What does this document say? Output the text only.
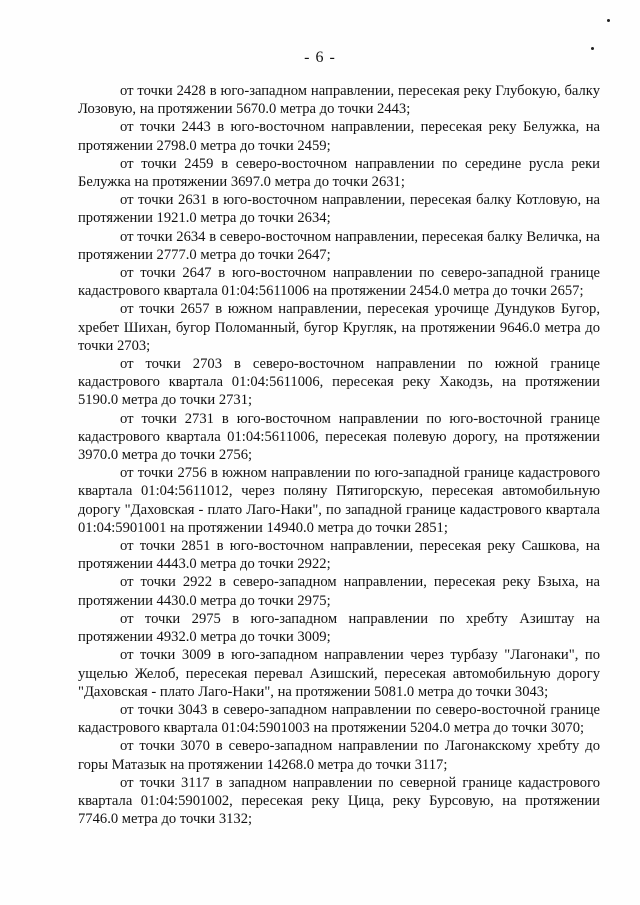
- 6 -

от точки 2428 в юго-западном направлении, пересекая реку Глубокую, балку Лозовую, на протяжении 5670.0 метра до точки 2443;

от точки 2443 в юго-восточном направлении, пересекая реку Белужка, на протяжении 2798.0 метра до точки 2459;

от точки 2459 в северо-восточном направлении по середине русла реки Белужка на протяжении 3697.0 метра до точки 2631;

от точки 2631 в юго-восточном направлении, пересекая балку Котловую, на протяжении 1921.0 метра до точки 2634;

от точки 2634 в северо-восточном направлении, пересекая балку Величка, на протяжении 2777.0 метра до точки 2647;

от точки 2647 в юго-восточном направлении по северо-западной границе кадастрового квартала 01:04:5611006 на протяжении 2454.0 метра до точки 2657;

от точки 2657 в южном направлении, пересекая урочище Дундуков Бугор, хребет Шихан, бугор Поломанный, бугор Кругляк, на протяжении 9646.0 метра до точки 2703;

от точки 2703 в северо-восточном направлении по южной границе кадастрового квартала 01:04:5611006, пересекая реку Хакодзь, на протяжении 5190.0 метра до точки 2731;

от точки 2731 в юго-восточном направлении по юго-восточной границе кадастрового квартала 01:04:5611006, пересекая полевую дорогу, на протяжении 3970.0 метра до точки 2756;

от точки 2756 в южном направлении по юго-западной границе кадастрового квартала 01:04:5611012, через поляну Пятигорскую, пересекая автомобильную дорогу "Даховская - плато Лаго-Наки", по западной границе кадастрового квартала 01:04:5901001 на протяжении 14940.0 метра до точки 2851;

от точки 2851 в юго-восточном направлении, пересекая реку Сашкова, на протяжении 4443.0 метра до точки 2922;

от точки 2922 в северо-западном направлении, пересекая реку Бзыха, на протяжении 4430.0 метра до точки 2975;

от точки 2975 в юго-западном направлении по хребту Азиштау на протяжении 4932.0 метра до точки 3009;

от точки 3009 в юго-западном направлении через турбазу "Лагонаки", по ущелью Желоб, пересекая перевал Азишский, пересекая автомобильную дорогу "Даховская - плато Лаго-Наки", на протяжении 5081.0 метра до точки 3043;

от точки 3043 в северо-западном направлении по северо-восточной границе кадастрового квартала 01:04:5901003 на протяжении 5204.0 метра до точки 3070;

от точки 3070 в северо-западном направлении по Лагонакскому хребту до горы Матазык на протяжении 14268.0 метра до точки 3117;

от точки 3117 в западном направлении по северной границе кадастрового квартала 01:04:5901002, пересекая реку Цица, реку Бурсовую, на протяжении 7746.0 метра до точки 3132;
